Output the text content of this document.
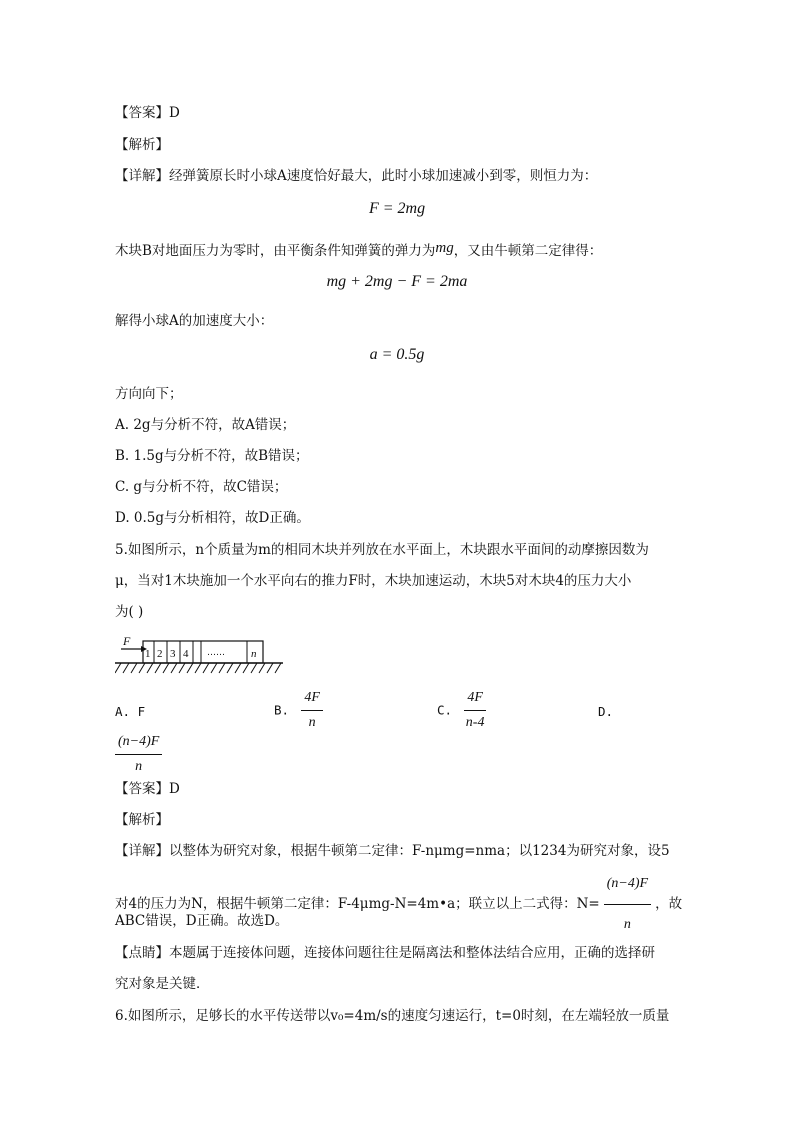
【答案】D
【解析】
【详解】经弹簧原长时小球A速度恰好最大，此时小球加速减小到零，则恒力为：
F = 2mg
木块B对地面压力为零时，由平衡条件知弹簧的弹力为mg，又由牛顿第二定律得：
mg + 2mg − F = 2ma
解得小球A的加速度大小：
a = 0.5g
方向向下；
A. 2g与分析不符，故A错误；
B. 1.5g与分析不符，故B错误；
C. g与分析不符，故C错误；
D. 0.5g与分析相符，故D正确。
5.如图所示，n个质量为m的相同木块并列放在水平面上，木块跟水平面间的动摩擦因数为
μ，当对1木块施加一个水平向右的推力F时，木块加速运动，木块5对木块4的压力大小
为( )
F
1 2 3 4 …… n
A. F	B. $\frac{4F}{n}$	C. $\frac{4F}{n-4}$	D.
$\frac{(n-4)F}{n}$
【答案】D
【解析】
【详解】以整体为研究对象，根据牛顿第二定律：F-nμmg=nma；以1234为研究对象，设5
对4的压力为N，根据牛顿第二定律：F-4μmg-N=4m•a；联立以上二式得：$N= \frac{(n-4)F}{n}$ ，故
ABC错误，D正确。故选D。
【点睛】本题属于连接体问题，连接体问题往往是隔离法和整体法结合应用，正确的选择研
究对象是关键．
6.如图所示，足够长的水平传送带以v₀=4m/s的速度匀速运行，t=0时刻，在左端轻放一质量
